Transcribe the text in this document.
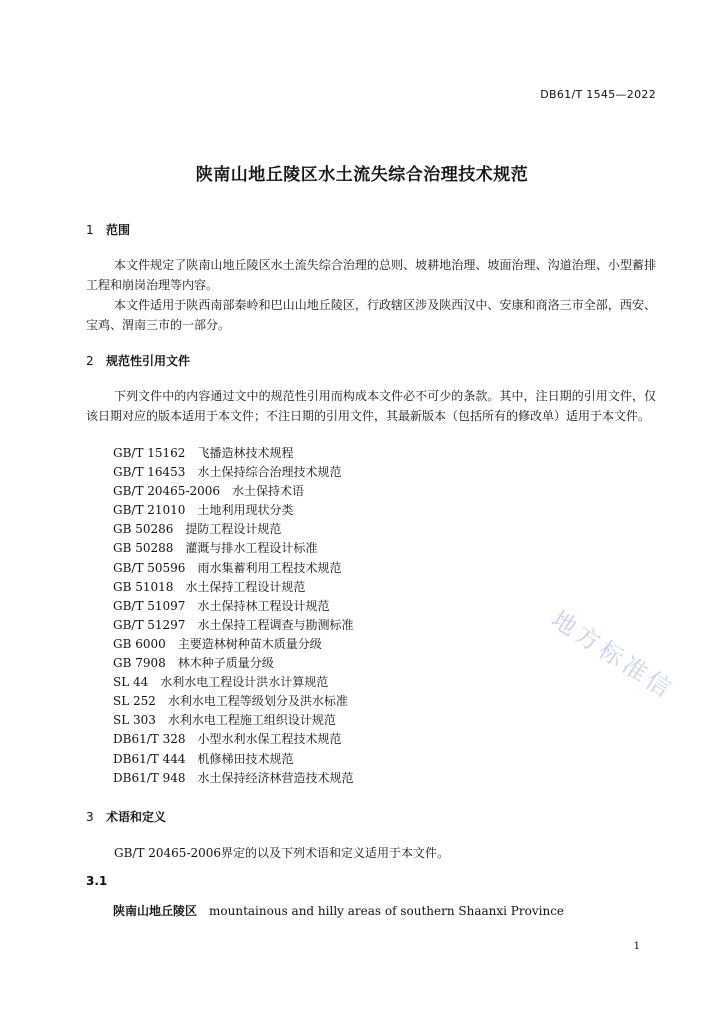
DB61/T 1545—2022
陕南山地丘陵区水土流失综合治理技术规范
1 范围
本文件规定了陕南山地丘陵区水土流失综合治理的总则、坡耕地治理、坡面治理、沟道治理、小型蓄排工程和崩岗治理等内容。
本文件适用于陕西南部秦岭和巴山山地丘陵区，行政辖区涉及陕西汉中、安康和商洛三市全部，西安、宝鸡、渭南三市的一部分。
2 规范性引用文件
下列文件中的内容通过文中的规范性引用而构成本文件必不可少的条款。其中，注日期的引用文件，仅该日期对应的版本适用于本文件；不注日期的引用文件，其最新版本（包括所有的修改单）适用于本文件。
GB/T 15162 飞播造林技术规程
GB/T 16453 水土保持综合治理技术规范
GB/T 20465-2006 水土保持术语
GB/T 21010 土地利用现状分类
GB 50286 提防工程设计规范
GB 50288 灌溉与排水工程设计标准
GB/T 50596 雨水集蓄利用工程技术规范
GB 51018 水土保持工程设计规范
GB/T 51097 水土保持林工程设计规范
GB/T 51297 水土保持工程调查与勘测标准
GB 6000 主要造林树种苗木质量分级
GB 7908 林木种子质量分级
SL 44 水利水电工程设计洪水计算规范
SL 252 水利水电工程等级划分及洪水标准
SL 303 水利水电工程施工组织设计规范
DB61/T 328 小型水利水保工程技术规范
DB61/T 444 机修梯田技术规范
DB61/T 948 水土保持经济林营造技术规范
3 术语和定义
GB/T 20465-2006界定的以及下列术语和定义适用于本文件。
3.1
陕南山地丘陵区 mountainous and hilly areas of southern Shaanxi Province
1
地方标准信
